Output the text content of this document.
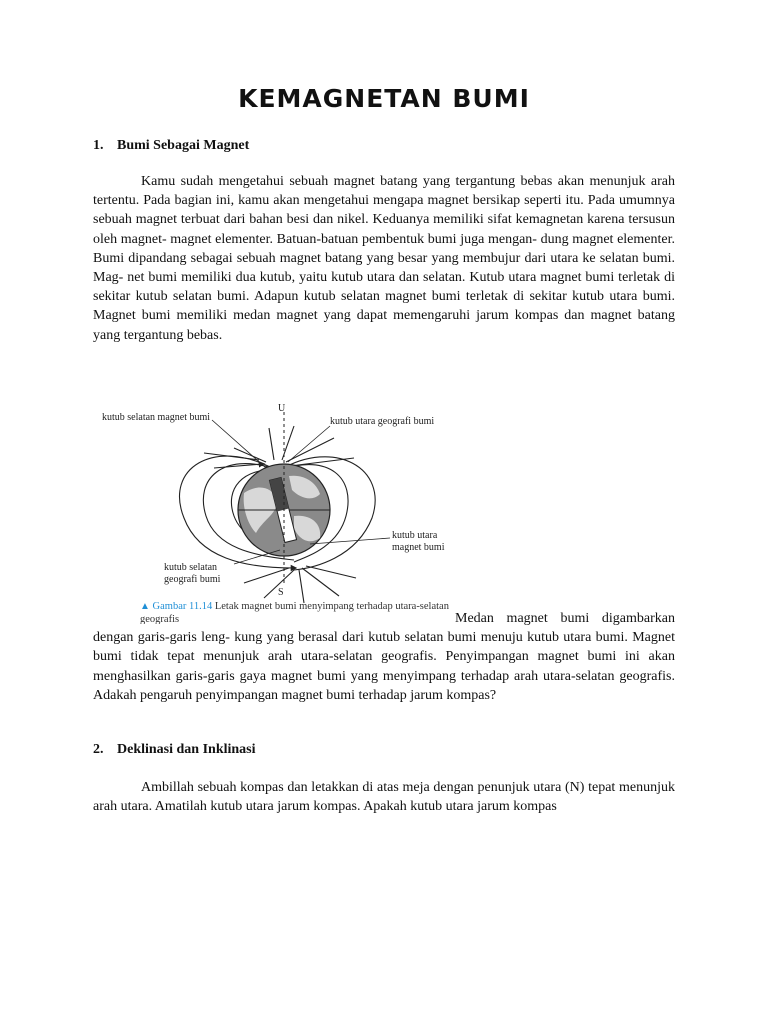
KEMAGNETAN BUMI
1. Bumi Sebagai Magnet

Kamu sudah mengetahui sebuah magnet batang yang tergantung bebas akan menunjuk arah tertentu. Pada bagian ini, kamu akan mengetahui mengapa magnet bersikap seperti itu. Pada umumnya sebuah magnet terbuat dari bahan besi dan nikel. Keduanya memiliki sifat kemagnetan karena tersusun oleh magnet- magnet elementer. Batuan-batuan pembentuk bumi juga mengan- dung magnet elementer. Bumi dipandang sebagai sebuah magnet batang yang besar yang membujur dari utara ke selatan bumi. Mag- net bumi memiliki dua kutub, yaitu kutub utara dan selatan. Kutub utara magnet bumi terletak di sekitar kutub selatan bumi. Adapun kutub selatan magnet bumi terletak di sekitar kutub utara bumi. Magnet bumi memiliki medan magnet yang dapat memengaruhi jarum kompas dan magnet batang yang tergantung bebas.

U
S
kutub selatan magnet bumi	kutub utara geografi bumi
kutub utara
magnet bumi
kutub selatan
geografi bumi

▲ Gambar 11.14 Letak magnet bumi menyimpang terhadap utara-selatan geografis	Medan magnet bumi digambarkan dengan garis-garis leng- kung yang berasal dari kutub selatan bumi menuju kutub utara bumi. Magnet bumi tidak tepat menunjuk arah utara-selatan geografis. Penyimpangan magnet bumi ini akan menghasilkan garis-garis gaya magnet bumi yang menyimpang terhadap arah utara-selatan geografis. Adakah pengaruh penyimpangan magnet bumi terhadap jarum kompas?

2. Deklinasi dan Inklinasi

Ambillah sebuah kompas dan letakkan di atas meja dengan penunjuk utara (N) tepat menunjuk arah utara. Amatilah kutub utara jarum kompas. Apakah kutub utara jarum kompas
